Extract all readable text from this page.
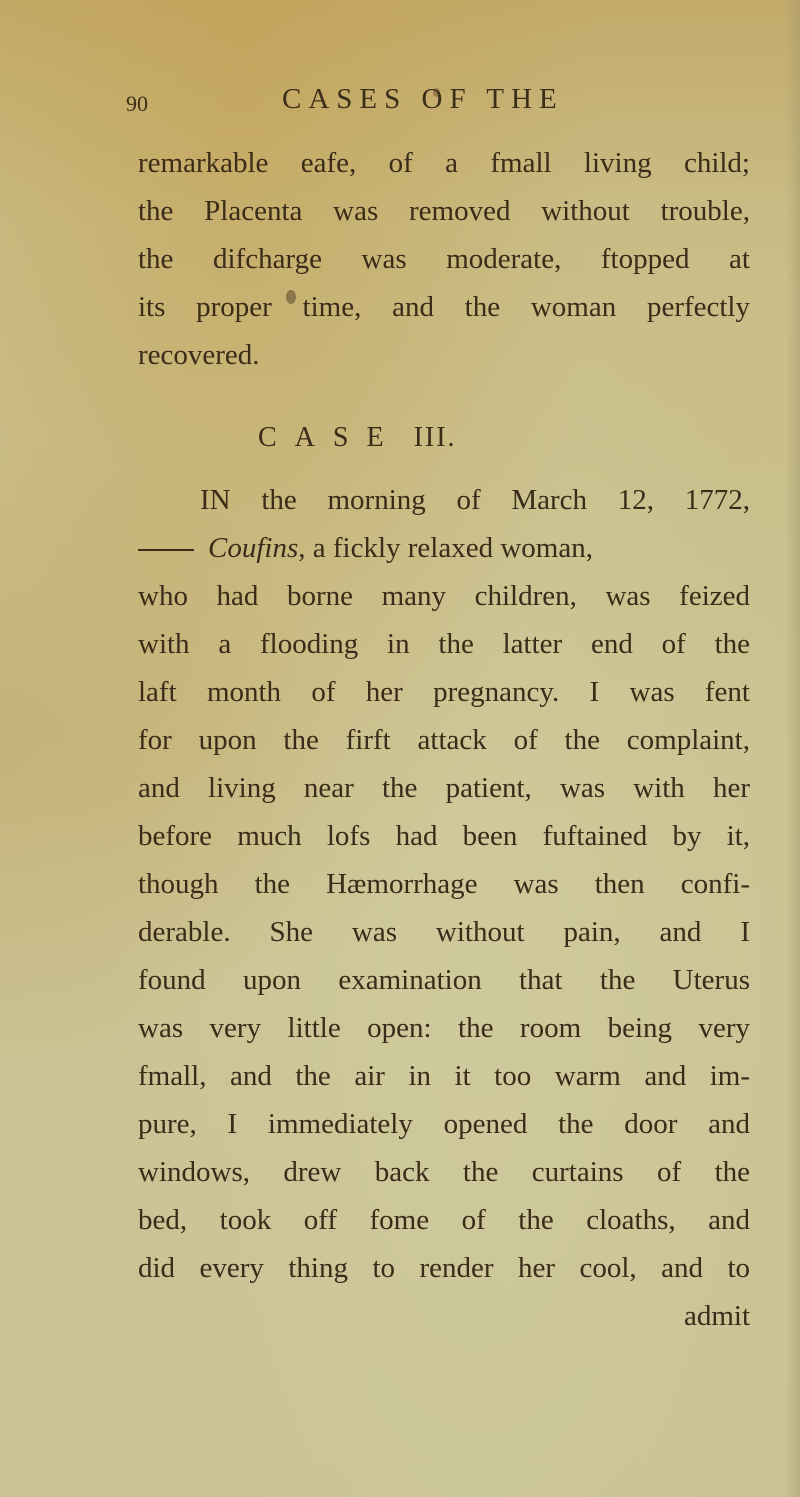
90	CASES OF THE
remarkable eafe, of a fmall living child;
the Placenta was removed without trouble,
the difcharge was moderate, ftopped at
its proper time, and the woman perfectly
recovered.
CASE III.
IN the morning of March 12, 1772,
Coufins, a fickly relaxed woman,
who had borne many children, was feized
with a flooding in the latter end of the
laft month of her pregnancy. I was fent
for upon the firft attack of the complaint,
and living near the patient, was with her
before much lofs had been fuftained by it,
though the Hæmorrhage was then confi-
derable. She was without pain, and I
found upon examination that the Uterus
was very little open: the room being very
fmall, and the air in it too warm and im-
pure, I immediately opened the door and
windows, drew back the curtains of the
bed, took off fome of the cloaths, and
did every thing to render her cool, and to
admit
